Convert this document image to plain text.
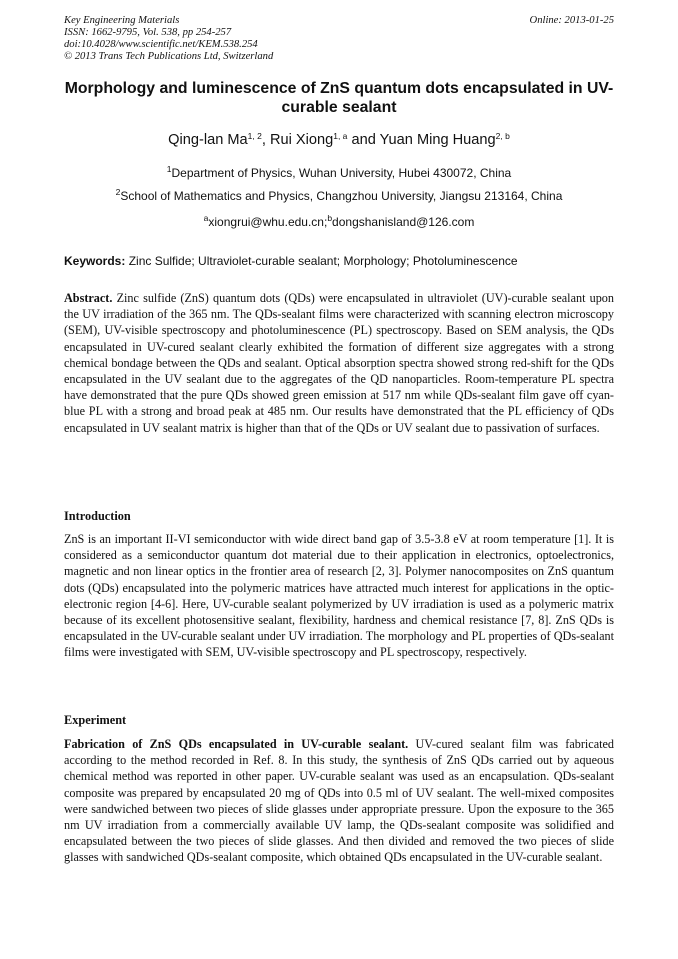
Key Engineering Materials
ISSN: 1662-9795, Vol. 538, pp 254-257
doi:10.4028/www.scientific.net/KEM.538.254
© 2013 Trans Tech Publications Ltd, Switzerland
Online: 2013-01-25
Morphology and luminescence of ZnS quantum dots encapsulated in UV-curable sealant
Qing-lan Ma$^{1, 2}$, Rui Xiong$^{1, a}$ and Yuan Ming Huang$^{2, b}$
$^1$Department of Physics, Wuhan University, Hubei 430072, China
$^2$School of Mathematics and Physics, Changzhou University, Jiangsu 213164, China
$^a$xiongrui@whu.edu.cn;$^b$dongshanisland@126.com
Keywords: Zinc Sulfide; Ultraviolet-curable sealant; Morphology; Photoluminescence

Abstract. Zinc sulfide (ZnS) quantum dots (QDs) were encapsulated in ultraviolet (UV)-curable sealant upon the UV irradiation of the 365 nm. The QDs-sealant films were characterized with scanning electron microscopy (SEM), UV-visible spectroscopy and photoluminescence (PL) spectroscopy. Based on SEM analysis, the QDs encapsulated in UV-cured sealant clearly exhibited the formation of different size aggregates with a strong chemical bondage between the QDs and sealant. Optical absorption spectra showed strong red-shift for the QDs encapsulated in the UV sealant due to the aggregates of the QD nanoparticles. Room-temperature PL spectra have demonstrated that the pure QDs showed green emission at 517 nm while QDs-sealant film gave off cyan-blue PL with a strong and broad peak at 485 nm. Our results have demonstrated that the PL efficiency of QDs encapsulated in UV sealant matrix is higher than that of the QDs or UV sealant due to passivation of surfaces.

Introduction

ZnS is an important II-VI semiconductor with wide direct band gap of 3.5-3.8 eV at room temperature [1]. It is considered as a semiconductor quantum dot material due to their application in electronics, optoelectronics, magnetic and non linear optics in the frontier area of research [2, 3]. Polymer nanocomposites on ZnS quantum dots (QDs) encapsulated into the polymeric matrices have attracted much interest for applications in the optic-electronic region [4-6]. Here, UV-curable sealant polymerized by UV irradiation is used as a polymeric matrix because of its excellent photosensitive sealant, flexibility, hardness and chemical resistance [7, 8]. ZnS QDs is encapsulated in the UV-curable sealant under UV irradiation. The morphology and PL properties of QDs-sealant films were investigated with SEM, UV-visible spectroscopy and PL spectroscopy, respectively.

Experiment

Fabrication of ZnS QDs encapsulated in UV-curable sealant. UV-cured sealant film was fabricated according to the method recorded in Ref. 8. In this study, the synthesis of ZnS QDs carried out by aqueous chemical method was reported in other paper. UV-curable sealant was used as an encapsulation. QDs-sealant composite was prepared by encapsulated 20 mg of QDs into 0.5 ml of UV sealant. The well-mixed composites were sandwiched between two pieces of slide glasses under appropriate pressure. Upon the exposure to the 365 nm UV irradiation from a commercially available UV lamp, the QDs-sealant composite was solidified and encapsulated between the two pieces of slide glasses. And then divided and removed the two pieces of slide glasses with sandwiched QDs-sealant composite, which obtained QDs encapsulated in the UV-curable sealant.
